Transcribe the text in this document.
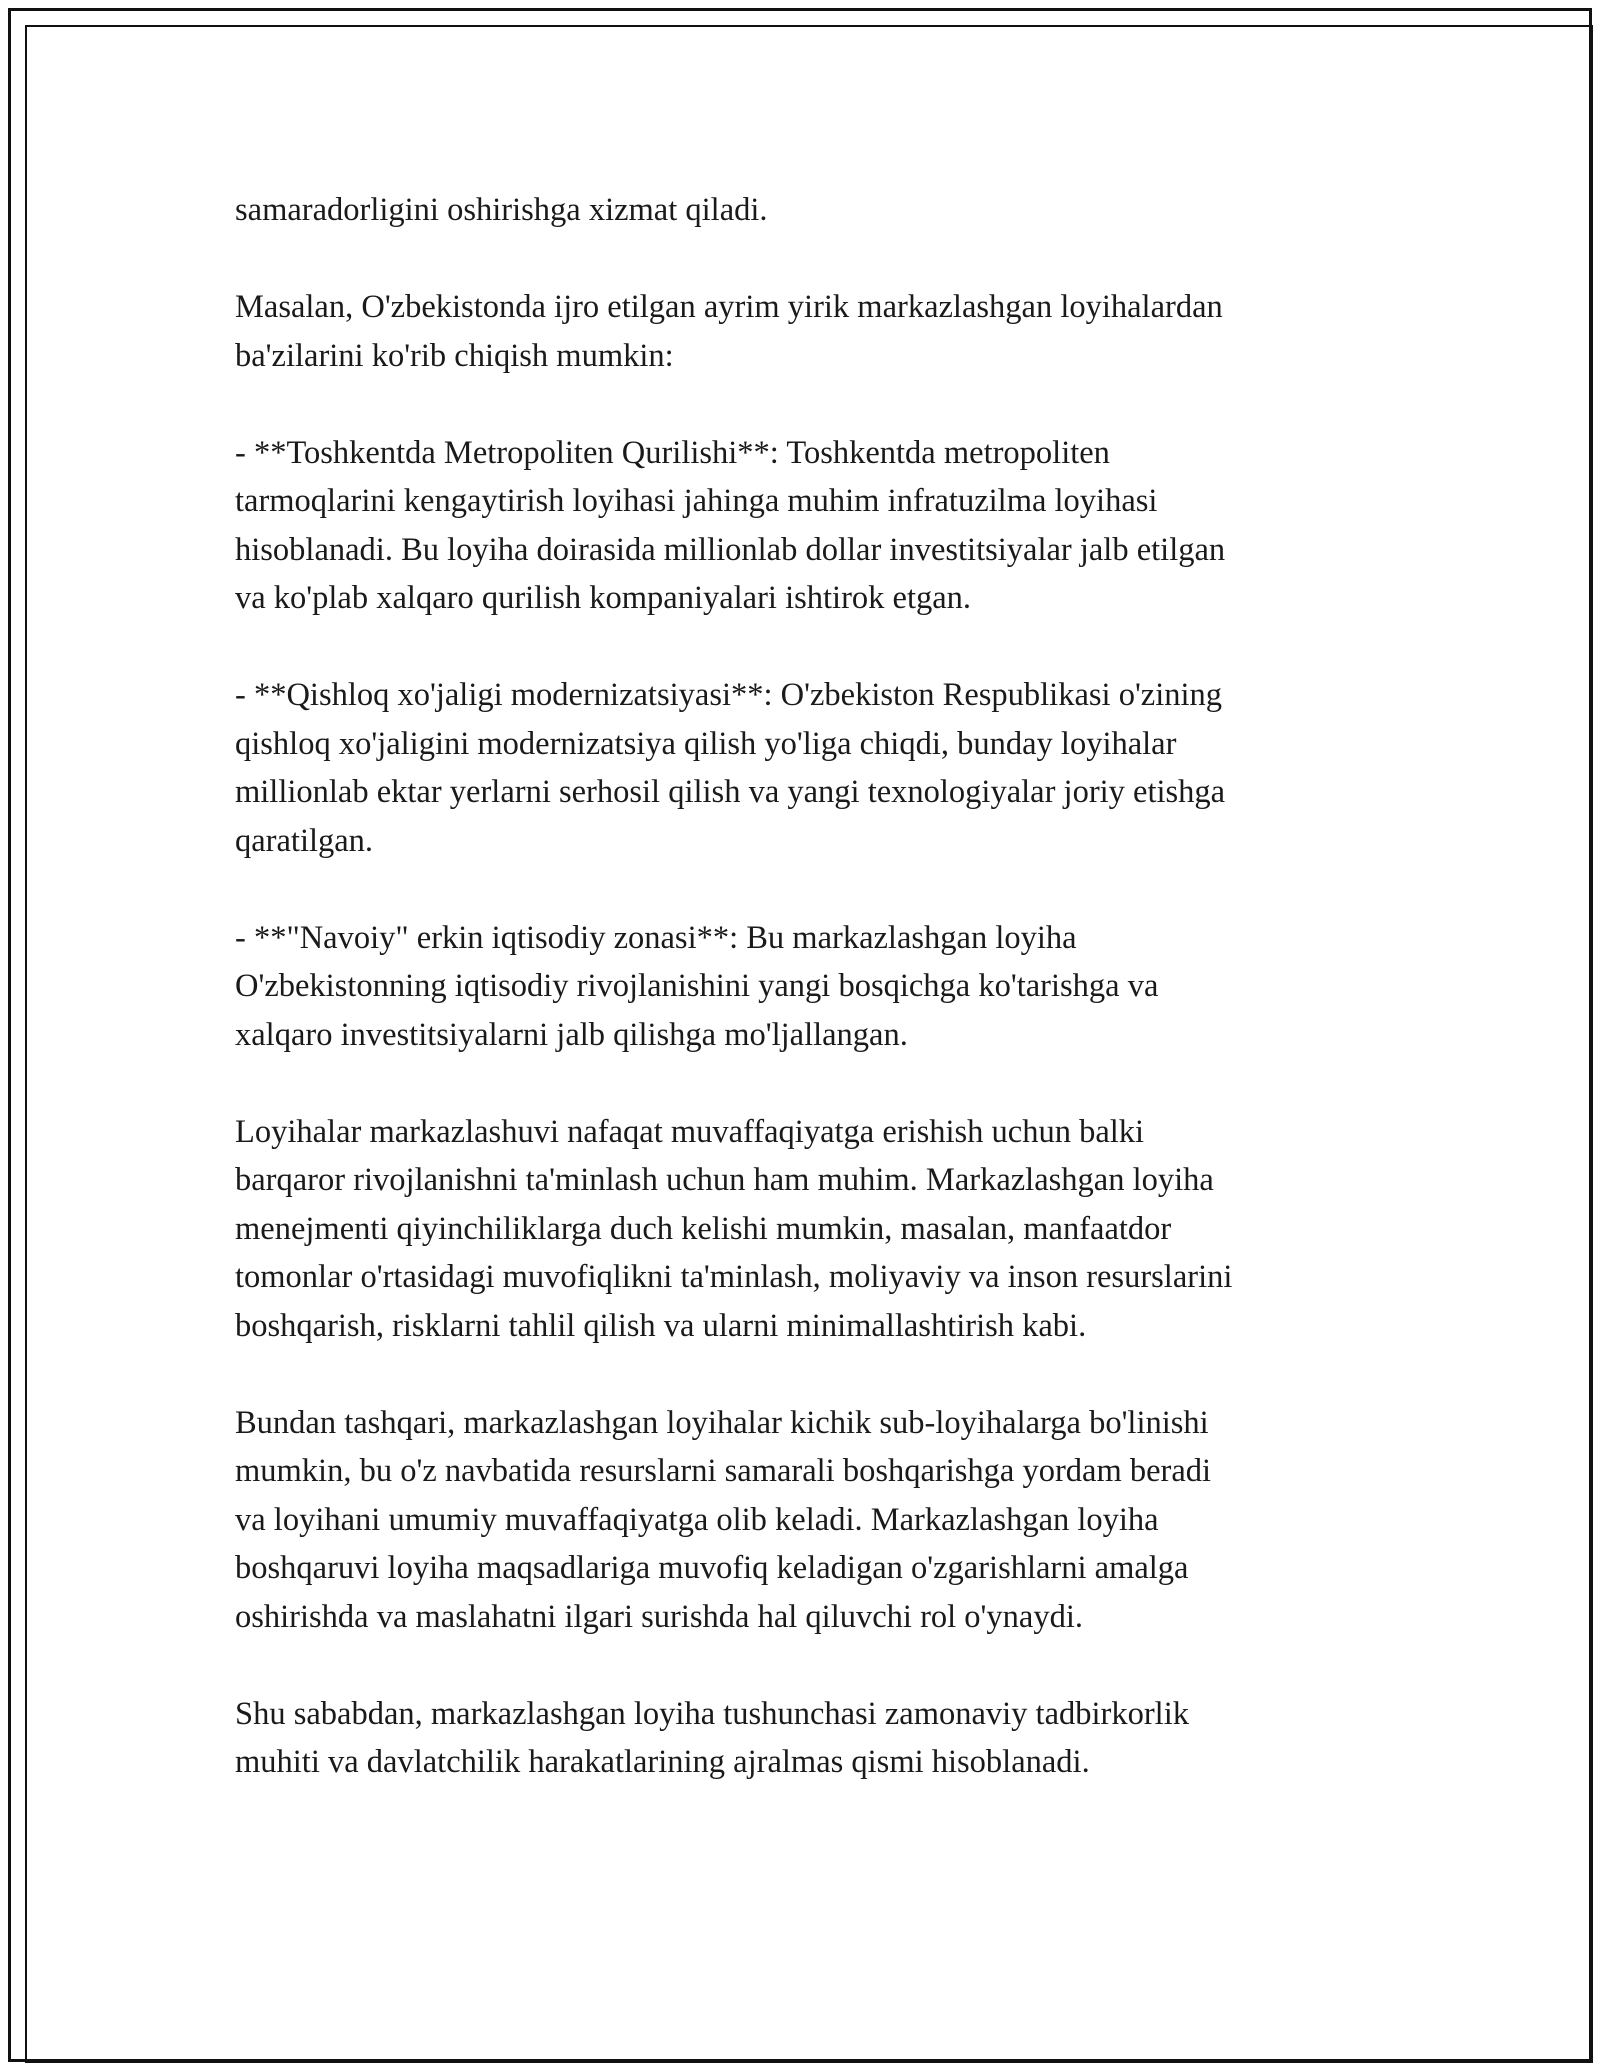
samaradorligini oshirishga xizmat qiladi.

Masalan, O'zbekistonda ijro etilgan ayrim yirik markazlashgan loyihalardan
ba'zilarini ko'rib chiqish mumkin:

- **Toshkentda Metropoliten Qurilishi**: Toshkentda metropoliten
tarmoqlarini kengaytirish loyihasi jahinga muhim infratuzilma loyihasi
hisoblanadi. Bu loyiha doirasida millionlab dollar investitsiyalar jalb etilgan
va ko'plab xalqaro qurilish kompaniyalari ishtirok etgan.

- **Qishloq xo'jaligi modernizatsiyasi**: O'zbekiston Respublikasi o'zining
qishloq xo'jaligini modernizatsiya qilish yo'liga chiqdi, bunday loyihalar
millionlab ektar yerlarni serhosil qilish va yangi texnologiyalar joriy etishga
qaratilgan.

- **"Navoiy" erkin iqtisodiy zonasi**: Bu markazlashgan loyiha
O'zbekistonning iqtisodiy rivojlanishini yangi bosqichga ko'tarishga va
xalqaro investitsiyalarni jalb qilishga mo'ljallangan.

Loyihalar markazlashuvi nafaqat muvaffaqiyatga erishish uchun balki
barqaror rivojlanishni ta'minlash uchun ham muhim. Markazlashgan loyiha
menejmenti qiyinchiliklarga duch kelishi mumkin, masalan, manfaatdor
tomonlar o'rtasidagi muvofiqlikni ta'minlash, moliyaviy va inson resurslarini
boshqarish, risklarni tahlil qilish va ularni minimallashtirish kabi.

Bundan tashqari, markazlashgan loyihalar kichik sub-loyihalarga bo'linishi
mumkin, bu o'z navbatida resurslarni samarali boshqarishga yordam beradi
va loyihani umumiy muvaffaqiyatga olib keladi. Markazlashgan loyiha
boshqaruvi loyiha maqsadlariga muvofiq keladigan o'zgarishlarni amalga
oshirishda va maslahatni ilgari surishda hal qiluvchi rol o'ynaydi.

Shu sababdan, markazlashgan loyiha tushunchasi zamonaviy tadbirkorlik
muhiti va davlatchilik harakatlarining ajralmas qismi hisoblanadi.
